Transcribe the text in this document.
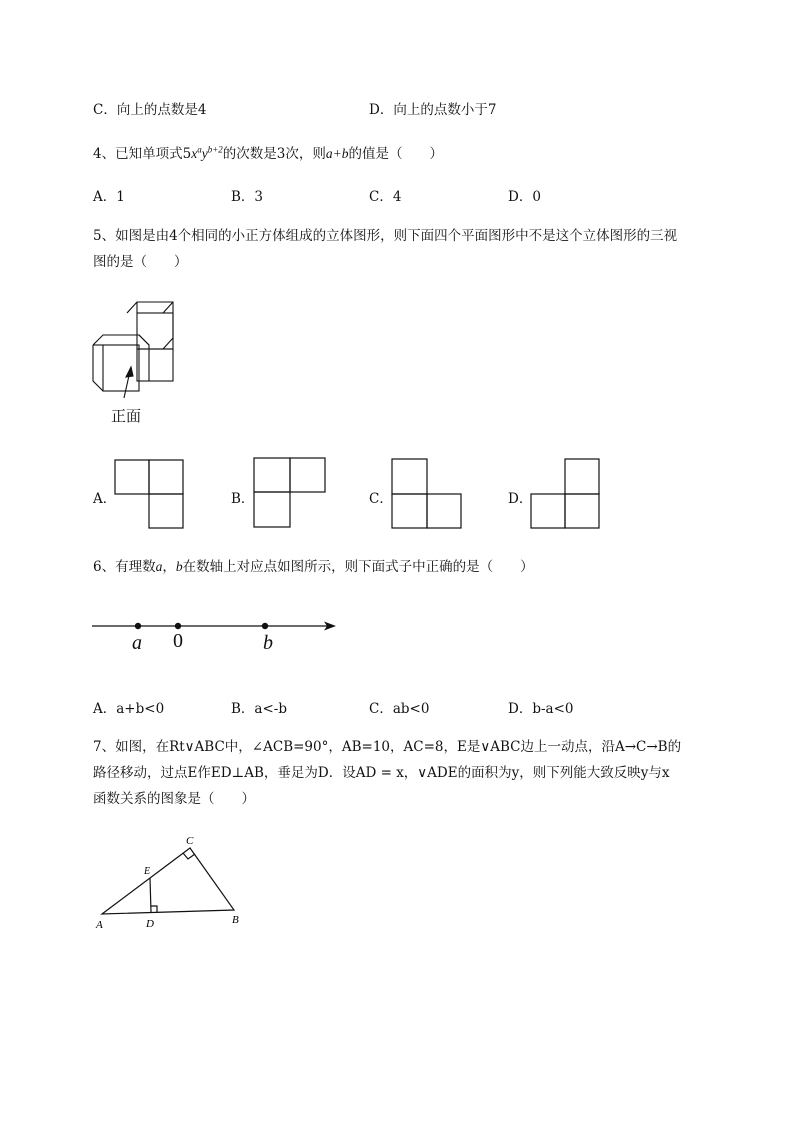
C．向上的点数是4	D．向上的点数小于7
4、已知单项式$5x^ay^{b+2}$的次数是3次，则a+b的值是（　　）
A．1	B．3	C．4	D．0
5、如图是由4个相同的小正方体组成的立体图形，则下面四个平面图形中不是这个立体图形的三视
图的是（　　）
正面
A．	B．	C．	D．
6、有理数a，b在数轴上对应点如图所示，则下面式子中正确的是（　　）
a 0	b
A．a+b<0	B．a<-b	C．ab<0	D．b-a<0
7、如图，在Rt∨ABC中，∠ACB=90°，AB=10，AC=8，E是∨ABC边上一动点，沿A→C→B的
路径移动，过点E作ED⊥AB，垂足为D．设AD = x，∨ADE的面积为y，则下列能大致反映y与x
函数关系的图象是（　　）
A	D	B
C
E
